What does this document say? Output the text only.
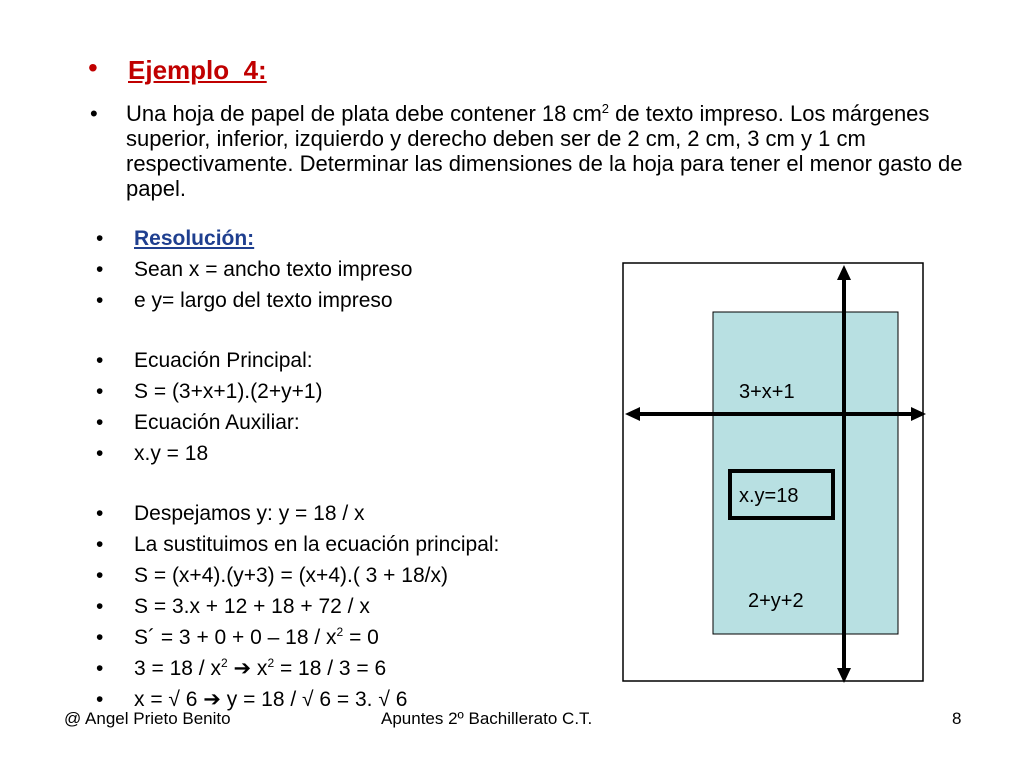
• Ejemplo_4:
• Una hoja de papel de plata debe contener 18 $cm^2$ de texto impreso. Los márgenes superior, inferior, izquierdo y derecho deben ser de 2 cm, 2 cm, 3 cm y 1 cm respectivamente. Determinar las dimensiones de la hoja para tener el menor gasto de papel.
• Resolución:
• Sean x = ancho texto impreso
• e y= largo del texto impreso
• Ecuación Principal:
• S = (3+x+1).(2+y+1)
• Ecuación Auxiliar:
• x.y = 18
• Despejamos y: y = 18 / x
• La sustituimos en la ecuación principal:
• S = (x+4).(y+3) = (x+4).( 3 + 18/x)
• S = 3.x + 12 + 18 + 72 / x
• S´ = $3 + 0 + 0 - 18 / x^2 = 0$
• $3 = 18 / x^2$ ➔ $x^2 = 18 / 3 = 6$
• x = √ 6 ➔ y = 18 / √ 6 = 3. √ 6
3+x+1
x.y=18
2+y+2
@ Angel Prieto Benito	Apuntes 2º Bachillerato C.T.	8
